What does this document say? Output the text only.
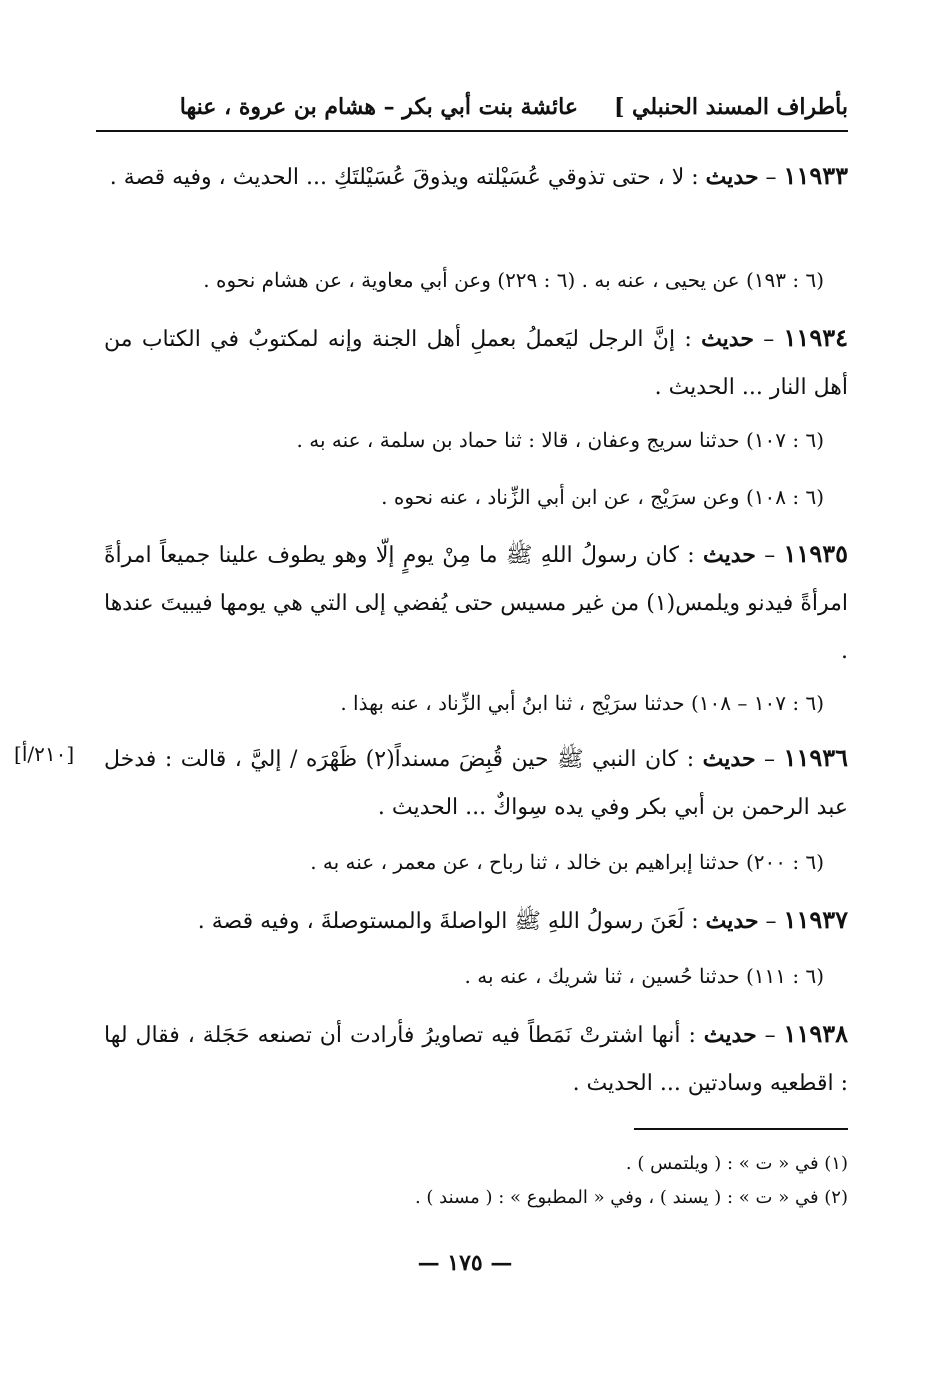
بأطراف المسند الحنبلي ]
عائشة بنت أبي بكر – هشام بن عروة ، عنها
١١٩٣٣ – حديث : لا ، حتى تذوقي عُسَيْلته ويذوقَ عُسَيْلتَكِ ... الحديث ، وفيه قصة .
(٦ : ١٩٣) عن يحيى ، عنه به . (٦ : ٢٢٩) وعن أبي معاوية ، عن هشام نحوه .
١١٩٣٤ – حديث : إنَّ الرجل ليَعملُ بعملِ أهل الجنة وإنه لمكتوبٌ في الكتاب من أهل النار ... الحديث .
(٦ : ١٠٧) حدثنا سريج وعفان ، قالا : ثنا حماد بن سلمة ، عنه به .
(٦ : ١٠٨) وعن سرَيْج ، عن ابن أبي الزِّناد ، عنه نحوه .
١١٩٣٥ – حديث : كان رسولُ اللهِ ﷺ ما مِنْ يومٍ إلّا وهو يطوف علينا جميعاً امرأةً امرأةً فيدنو ويلمس(١) من غير مسيس حتى يُفضي إلى التي هي يومها فيبيتَ عندها .
(٦ : ١٠٧ – ١٠٨) حدثنا سرَيْج ، ثنا ابنُ أبي الزِّناد ، عنه بهذا .
[٢١٠/أ]	١١٩٣٦ – حديث : كان النبي ﷺ حين قُبِضَ مسنداً(٢) ظَهْرَه / إليَّ ، قالت : فدخل عبد الرحمن بن أبي بكر وفي يده سِواكٌ ... الحديث .
(٦ : ٢٠٠) حدثنا إبراهيم بن خالد ، ثنا رباح ، عن معمر ، عنه به .
١١٩٣٧ – حديث : لَعَنَ رسولُ اللهِ ﷺ الواصلةَ والمستوصلةَ ، وفيه قصة .
(٦ : ١١١) حدثنا حُسين ، ثنا شريك ، عنه به .
١١٩٣٨ – حديث : أنها اشترتْ نَمَطاً فيه تصاويرُ فأرادت أن تصنعه حَجَلة ، فقال لها : اقطعيه وسادتين ... الحديث .
(١) في « ت » : ( ويلتمس ) .
(٢) في « ت » : ( يسند ) ، وفي « المطبوع » : ( مسند ) .
— ١٧٥ —
